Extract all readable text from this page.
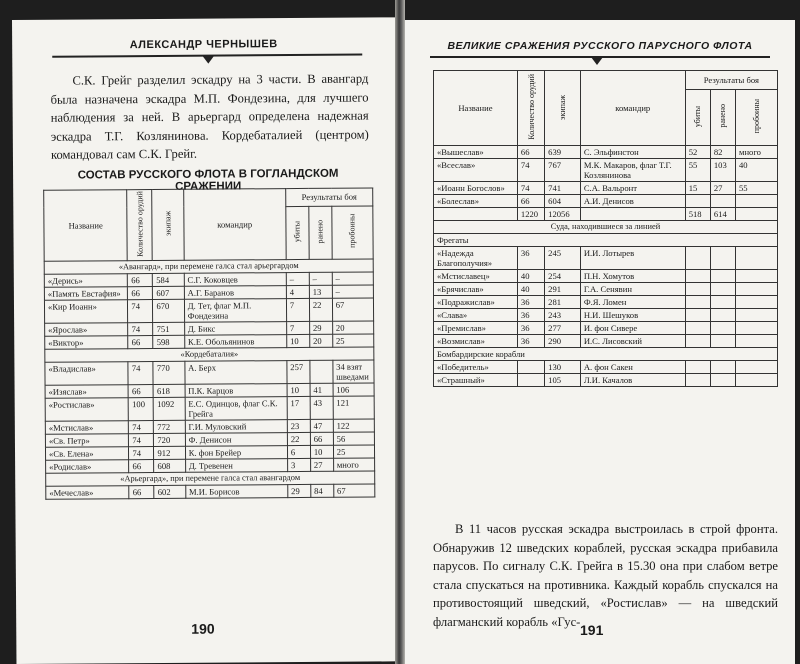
АЛЕКСАНДР ЧЕРНЫШЕВ
С.К. Грейг разделил эскадру на 3 части. В авангард была назначена эскадра М.П. Фондезина, для лучшего наблюдения за ней. В арьергард определена надежная эскадра Т.Г. Козляниновa. Кордебаталией (центром) командовал сам С.К. Грейг.
СОСТАВ РУССКОГО ФЛОТА В ГОГЛАНДСКОМ СРАЖЕНИИ
Название	Количество орудий	экипаж	командир	Результаты боя		
				убиты	ранено	пробоины
«Авангард», при перемене галса стал арьергардом						
«Дерись»	66	584	С.Г. Коковцев	–	–	–
«Память Евстафия»	66	607	А.Г. Баранов	4	13	–
«Кир Иоанн»	74	670	Д. Тет, флаг М.П. Фондезина	7	22	67
«Ярослав»	74	751	Д. Бикс	7	29	20
«Виктор»	66	598	К.Е. Обольянинов	10	20	25
«Кордебаталия»						
«Владислав»	74	770	А. Берх	257		34 взят шведами
«Изяслав»	66	618	П.К. Карцов	10	41	106
«Ростислав»	100	1092	Е.С. Одинцов, флаг С.К. Грейга	17	43	121
«Мстислав»	74	772	Г.И. Муловский	23	47	122
«Св. Петр»	74	720	Ф. Денисон	22	66	56
«Св. Елена»	74	912	К. фон Брейер	6	10	25
«Родислав»	66	608	Д. Тревенен	3	27	много
«Арьергард», при перемене галса стал авангардом						
«Мечеслав»	66	602	М.И. Борисов	29	84	67
190
ВЕЛИКИЕ СРАЖЕНИЯ РУССКОГО ПАРУСНОГО ФЛОТА
Название	Количество орудий	экипаж	командир	Результаты боя		
				убиты	ранено	пробоины
«Вышеслав»	66	639	С. Эльфинстон	52	82	много
«Всеслав»	74	767	М.К. Макаров, флаг Т.Г. Козлянинова	55	103	40
«Иоанн Богослов»	74	741	С.А. Вальронт	15	27	55
«Болеслав»	66	604	А.И. Денисов			
	1220	12056		518	614	
Суда, находившиеся за линией						
Фрегаты						
«Надежда Благополучия»	36	245	И.И. Лотырев			
«Мстиславец»	40	254	П.Н. Хомутов			
«Брячислав»	40	291	Г.А. Сенявин			
«Подражислав»	36	281	Ф.Я. Ломен			
«Слава»	36	243	Н.И. Шешуков			
«Премислав»	36	277	И. фон Сивере			
«Возмислав»	36	290	И.С. Лисовский			
Бомбардирские корабли						
«Победитель»		130	А. фон Сакен			
«Страшный»		105	Л.И. Качалов			
В 11 часов русская эскадра выстроилась в строй фронта. Обнаружив 12 шведских кораблей, русская эскадра прибавила парусов. По сигналу С.К. Грейга в 15.30 она при слабом ветре стала спускаться на противника. Каждый корабль спускался на противостоящий шведский, «Ростислав» — на шведский флагманский корабль «Гус-
191
